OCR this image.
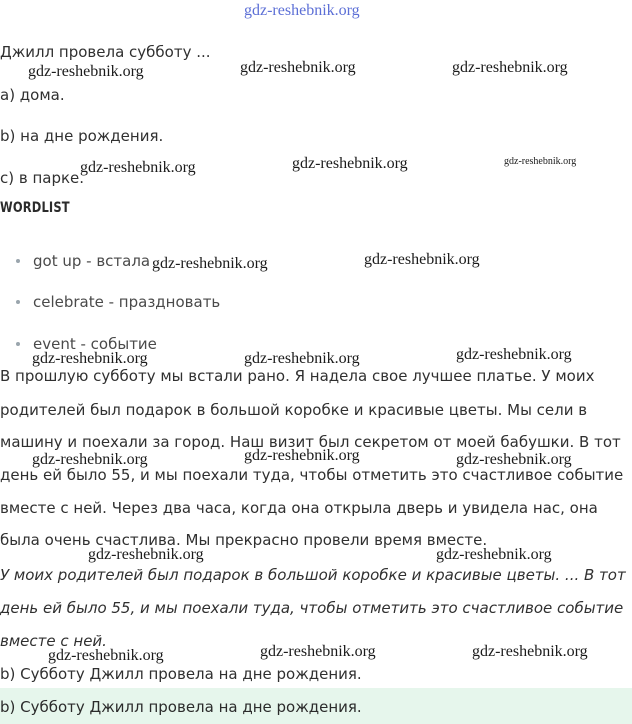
gdz-reshebnik.org
Джилл провела субботу ...
a) дома.
b) на дне рождения.
c) в парке.
WORDLIST
got up - встала
celebrate - праздновать
event - событие
В прошлую субботу мы встали рано. Я надела свое лучшее платье. У моих
родителей был подарок в большой коробке и красивые цветы. Мы сели в
машину и поехали за город. Наш визит был секретом от моей бабушки. В тот
день ей было 55, и мы поехали туда, чтобы отметить это счастливое событие
вместе с ней. Через два часа, когда она открыла дверь и увидела нас, она
была очень счастлива. Мы прекрасно провели время вместе.
У моих родителей был подарок в большой коробке и красивые цветы. ... В тот
день ей было 55, и мы поехали туда, чтобы отметить это счастливое событие
вместе с ней.
b) Субботу Джилл провела на дне рождения.
b) Субботу Джилл провела на дне рождения.
gdz-reshebnik.org	gdz-reshebnik.org	gdz-reshebnik.org
gdz-reshebnik.org	gdz-reshebnik.org	gdz-reshebnik.org
gdz-reshebnik.org	gdz-reshebnik.org
gdz-reshebnik.org	gdz-reshebnik.org	gdz-reshebnik.org
gdz-reshebnik.org	gdz-reshebnik.org	gdz-reshebnik.org
gdz-reshebnik.org	gdz-reshebnik.org
gdz-reshebnik.org	gdz-reshebnik.org	gdz-reshebnik.org
